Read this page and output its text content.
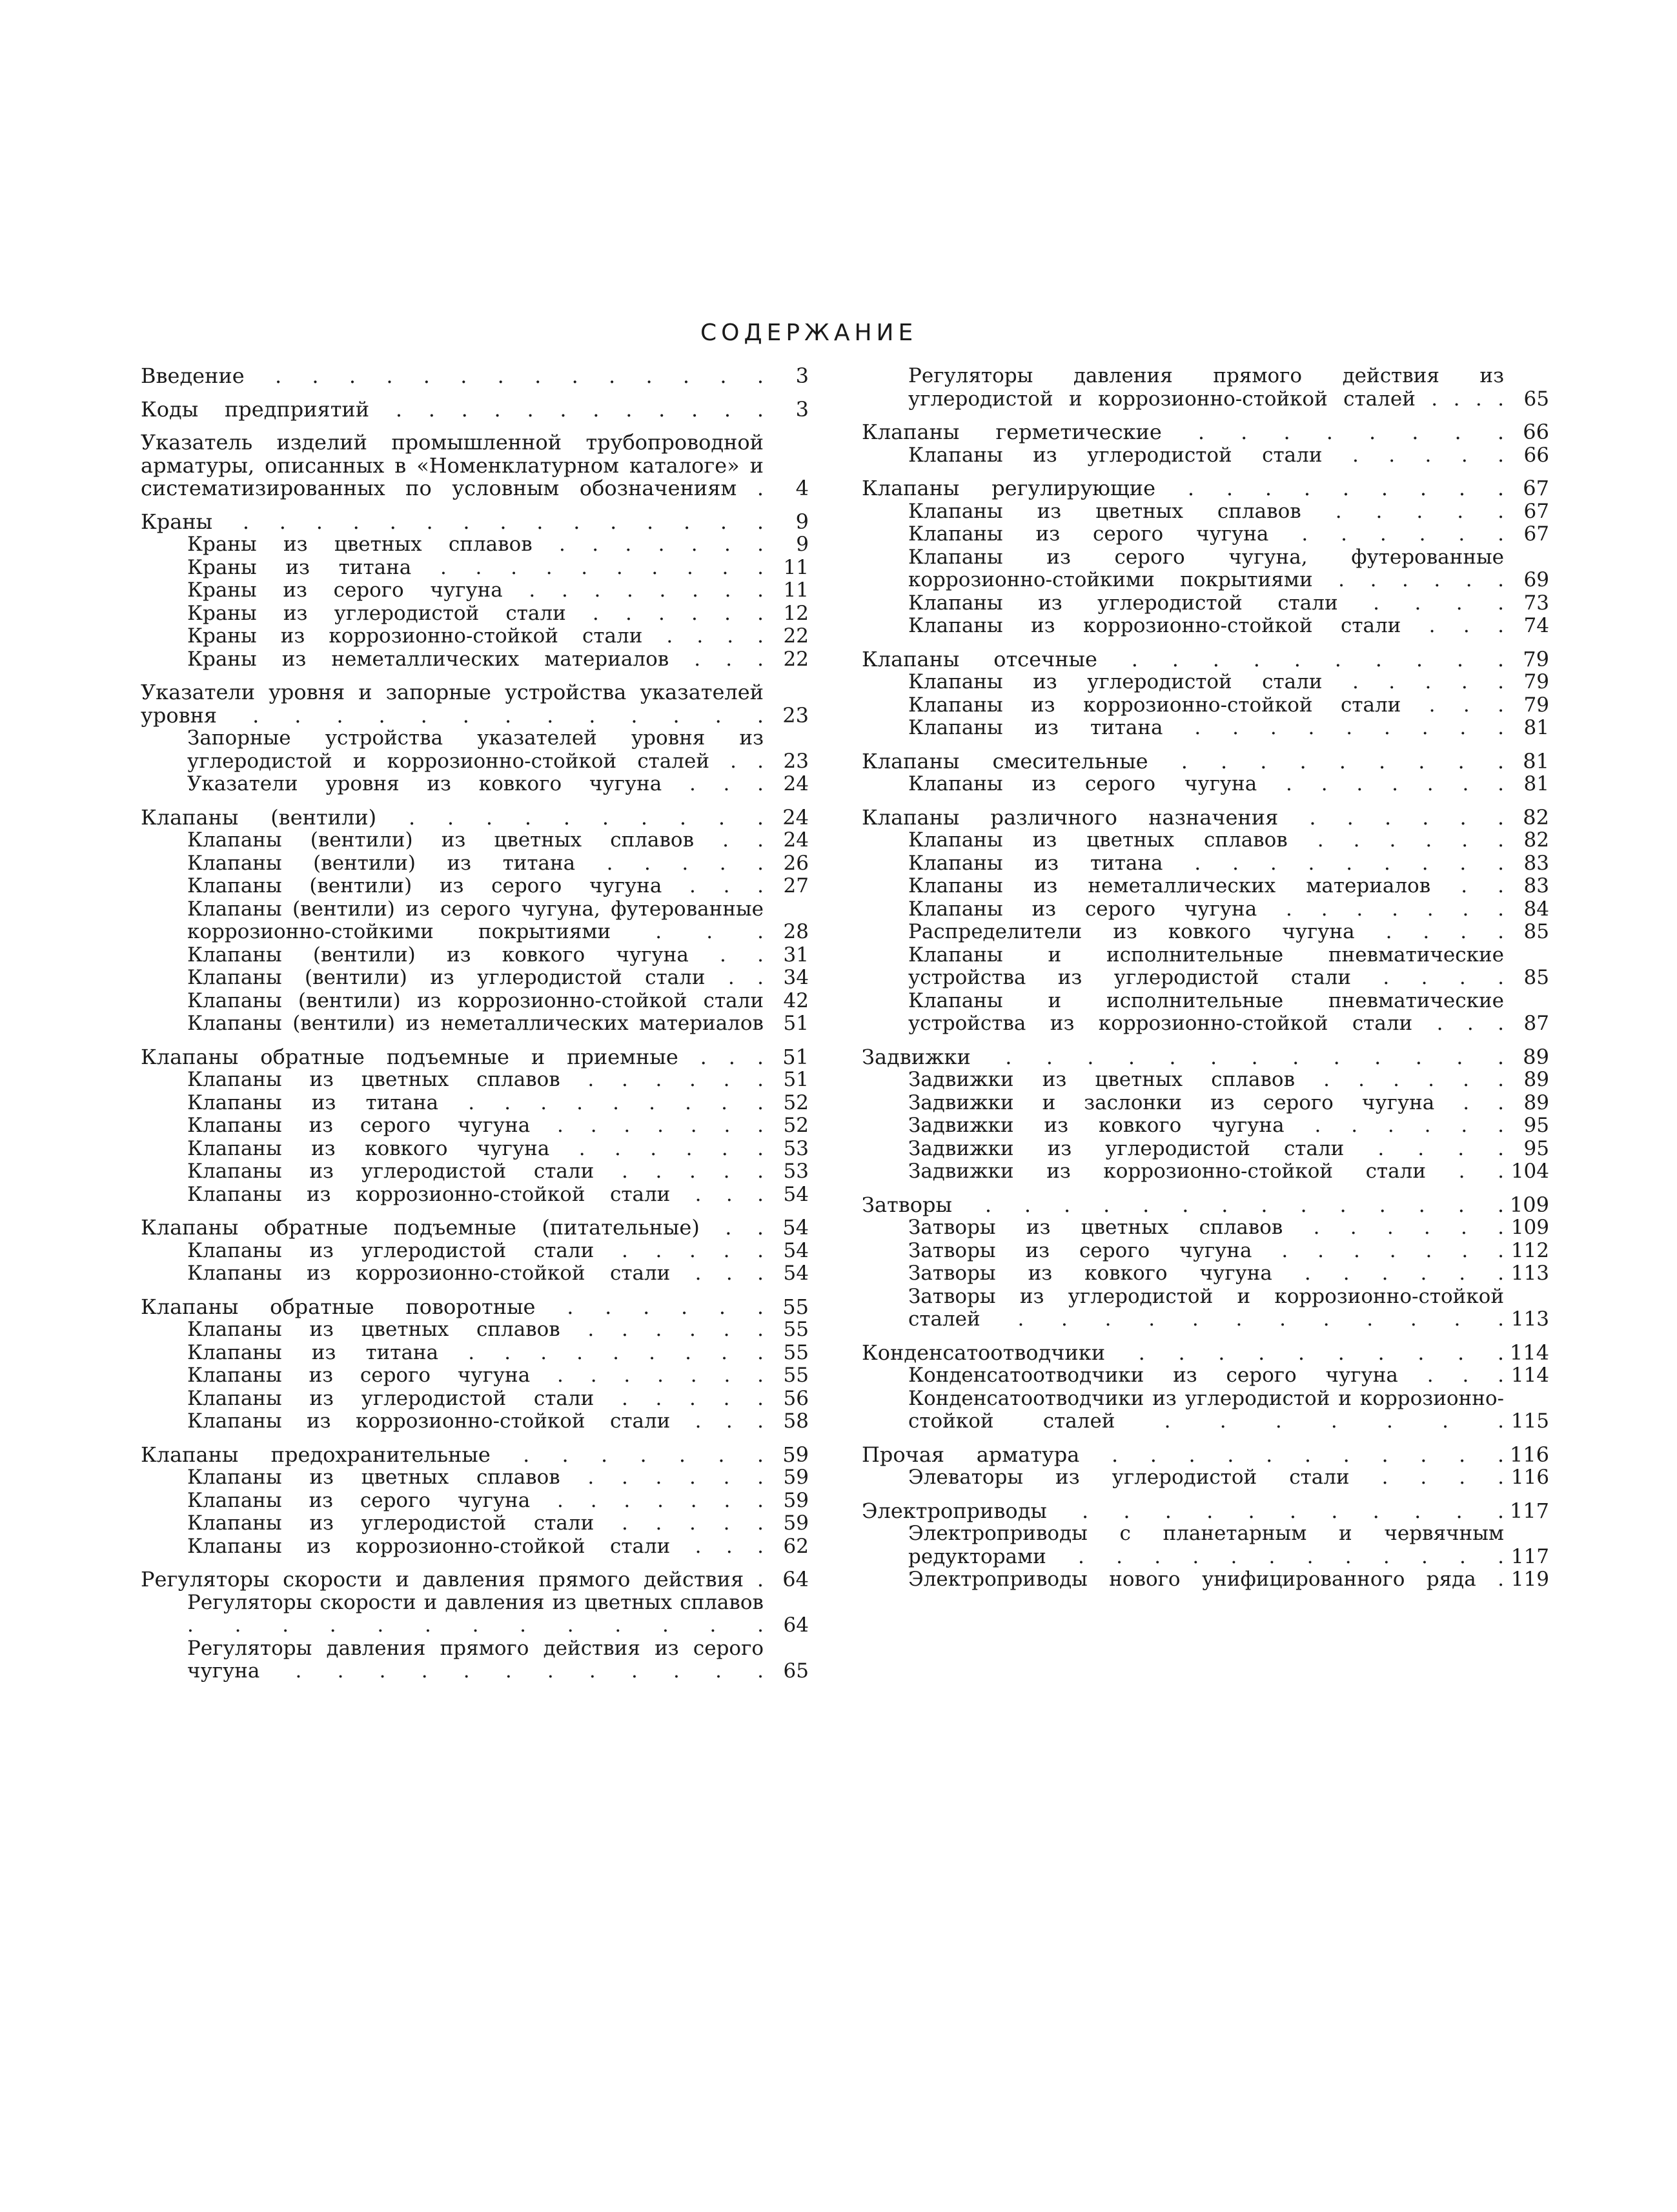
СОДЕРЖАНИЕ
Введение . . . . . . . . . . . . . .	3
Коды предприятий . . . . . . . . . . . .	3
Указатель изделий промышленной трубопроводной арматуры, описанных в «Номенклатурном каталоге» и систематизированных по условным обозначениям .	4
Краны . . . . . . . . . . . . . . .	9
Краны из цветных сплавов . . . . . . .	9
Краны из титана . . . . . . . . . . 11
Краны из серого чугуна . . . . . . . . 11
Краны из углеродистой стали . . . . . . 12
Краны из коррозионно-стойкой стали . . . . 22
Краны из неметаллических материалов . . . 22
Указатели уровня и запорные устройства указателей уровня . . . . . . . . . . . . . 23
Запорные устройства указателей уровня из углеродистой и коррозионно-стойкой сталей . . 23
Указатели уровня из ковкого чугуна . . . 24
Клапаны (вентили) . . . . . . . . . . 24
Клапаны (вентили) из цветных сплавов . . 24
Клапаны (вентили) из титана . . . . . 26
Клапаны (вентили) из серого чугуна . . . 27
Клапаны (вентили) из серого чугуна, футерованные коррозионно-стойкими покрытиями . . . 28
Клапаны (вентили) из ковкого чугуна . . 31
Клапаны (вентили) из углеродистой стали . . 34
Клапаны (вентили) из коррозионно-стойкой стали 42
Клапаны (вентили) из неметаллических материалов 51
Клапаны обратные подъемные и приемные . . . 51
Клапаны из цветных сплавов . . . . . . 51
Клапаны из титана . . . . . . . . . 52
Клапаны из серого чугуна . . . . . . . 52
Клапаны из ковкого чугуна . . . . . . 53
Клапаны из углеродистой стали . . . . . 53
Клапаны из коррозионно-стойкой стали . . . 54
Клапаны обратные подъемные (питательные) . . 54
Клапаны из углеродистой стали . . . . . 54
Клапаны из коррозионно-стойкой стали . . . 54
Клапаны обратные поворотные . . . . . . 55
Клапаны из цветных сплавов . . . . . . 55
Клапаны из титана . . . . . . . . . 55
Клапаны из серого чугуна . . . . . . . 55
Клапаны из углеродистой стали . . . . . 56
Клапаны из коррозионно-стойкой стали . . . 58
Клапаны предохранительные . . . . . . . 59
Клапаны из цветных сплавов . . . . . . 59
Клапаны из серого чугуна . . . . . . . 59
Клапаны из углеродистой стали . . . . . 59
Клапаны из коррозионно-стойкой стали . . . 62
Регуляторы скорости и давления прямого действия . 64
Регуляторы скорости и давления из цветных сплавов . . . . . . . . . . . . . 64
Регуляторы давления прямого действия из серого чугуна . . . . . . . . . . . . 65
Регуляторы давления прямого действия из углеродистой и коррозионно-стойкой сталей . . . . 65
Клапаны герметические . . . . . . . . 66
Клапаны из углеродистой стали . . . . . 66
Клапаны регулирующие . . . . . . . . . 67
Клапаны из цветных сплавов . . . . . 67
Клапаны из серого чугуна . . . . . . 67
Клапаны из серого чугуна, футерованные коррозионно-стойкими покрытиями . . . . . . 69
Клапаны из углеродистой стали . . . . 73
Клапаны из коррозионно-стойкой стали . . . 74
Клапаны отсечные . . . . . . . . . . 79
Клапаны из углеродистой стали . . . . . 79
Клапаны из коррозионно-стойкой стали . . . 79
Клапаны из титана . . . . . . . . . 81
Клапаны смесительные . . . . . . . . . 81
Клапаны из серого чугуна . . . . . . . 81
Клапаны различного назначения . . . . . . 82
Клапаны из цветных сплавов . . . . . . 82
Клапаны из титана . . . . . . . . . 83
Клапаны из неметаллических материалов . . 83
Клапаны из серого чугуна . . . . . . . 84
Распределители из ковкого чугуна . . . . 85
Клапаны и исполнительные пневматические устройства из углеродистой стали . . . . 85
Клапаны и исполнительные пневматические устройства из коррозионно-стойкой стали . . . 87
Задвижки . . . . . . . . . . . . . 89
Задвижки из цветных сплавов . . . . . . 89
Задвижки и заслонки из серого чугуна . . 89
Задвижки из ковкого чугуна . . . . . . 95
Задвижки из углеродистой стали . . . . 95
Задвижки из коррозионно-стойкой стали . . 104
Затворы . . . . . . . . . . . . . . 109
Затворы из цветных сплавов . . . . . . 109
Затворы из серого чугуна . . . . . . . 112
Затворы из ковкого чугуна . . . . . . 113
Затворы из углеродистой и коррозионно-стойкой сталей . . . . . . . . . . . . 113
Конденсатоотводчики . . . . . . . . . . 114
Конденсатоотводчики из серого чугуна . . . 114
Конденсатоотводчики из углеродистой и коррозионно-стойкой сталей . . . . . . . 115
Прочая арматура . . . . . . . . . . . 116
Элеваторы из углеродистой стали . . . . 116
Электроприводы . . . . . . . . . . . 117
Электроприводы с планетарным и червячным редукторами . . . . . . . . . . . . 117
Электроприводы нового унифицированного ряда . 119
